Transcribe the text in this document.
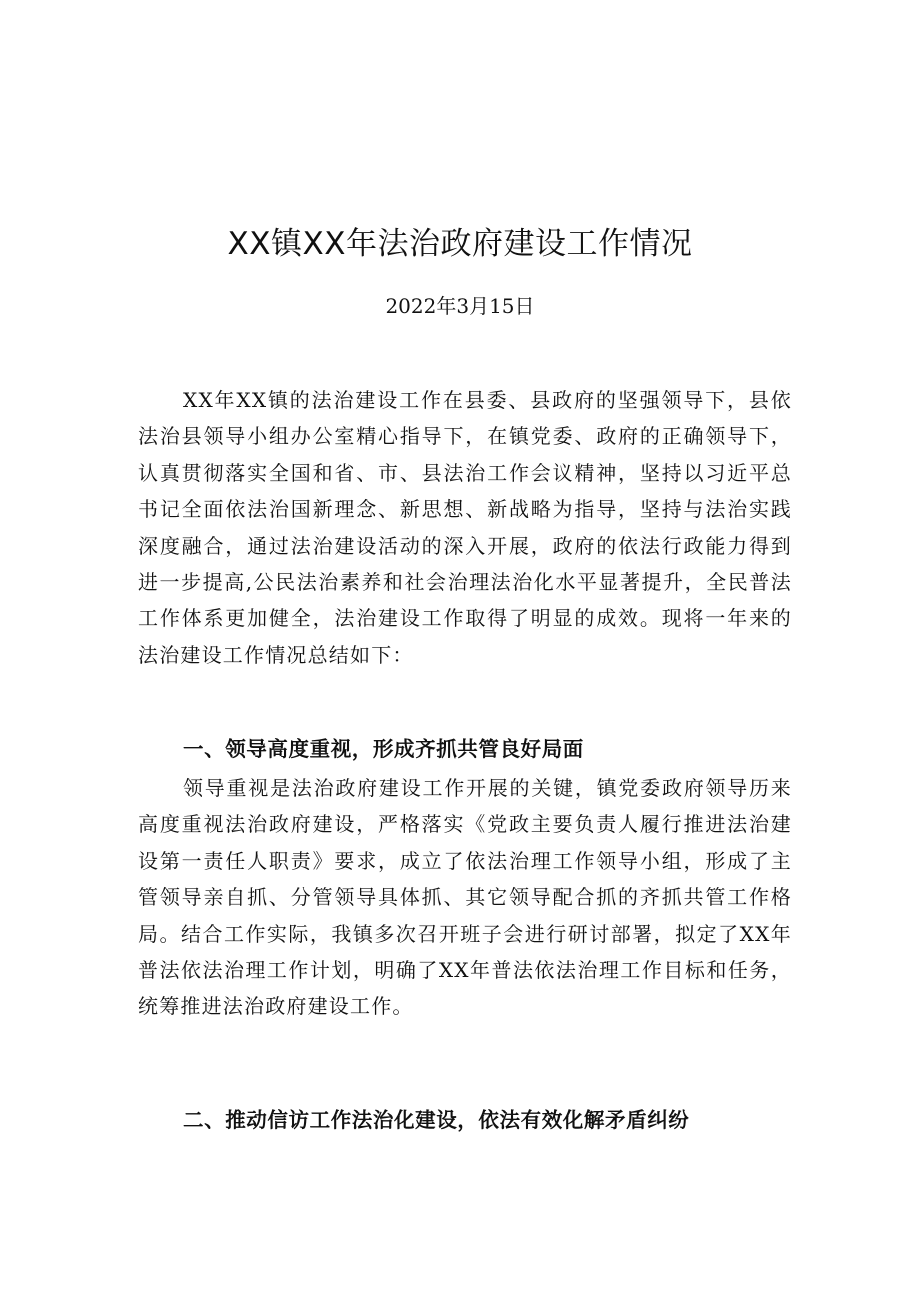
XX镇XX年法治政府建设工作情况
2022年3月15日

XX年XX镇的法治建设工作在县委、县政府的坚强领导下，县依法治县领导小组办公室精心指导下，在镇党委、政府的正确领导下，认真贯彻落实全国和省、市、县法治工作会议精神，坚持以习近平总书记全面依法治国新理念、新思想、新战略为指导，坚持与法治实践深度融合，通过法治建设活动的深入开展，政府的依法行政能力得到进一步提高,公民法治素养和社会治理法治化水平显著提升，全民普法工作体系更加健全，法治建设工作取得了明显的成效。现将一年来的法治建设工作情况总结如下：

一、领导高度重视，形成齐抓共管良好局面

领导重视是法治政府建设工作开展的关键，镇党委政府领导历来高度重视法治政府建设，严格落实《党政主要负责人履行推进法治建设第一责任人职责》要求，成立了依法治理工作领导小组，形成了主管领导亲自抓、分管领导具体抓、其它领导配合抓的齐抓共管工作格局。结合工作实际，我镇多次召开班子会进行研讨部署，拟定了XX年普法依法治理工作计划，明确了XX年普法依法治理工作目标和任务，统筹推进法治政府建设工作。

二、推动信访工作法治化建设，依法有效化解矛盾纠纷
